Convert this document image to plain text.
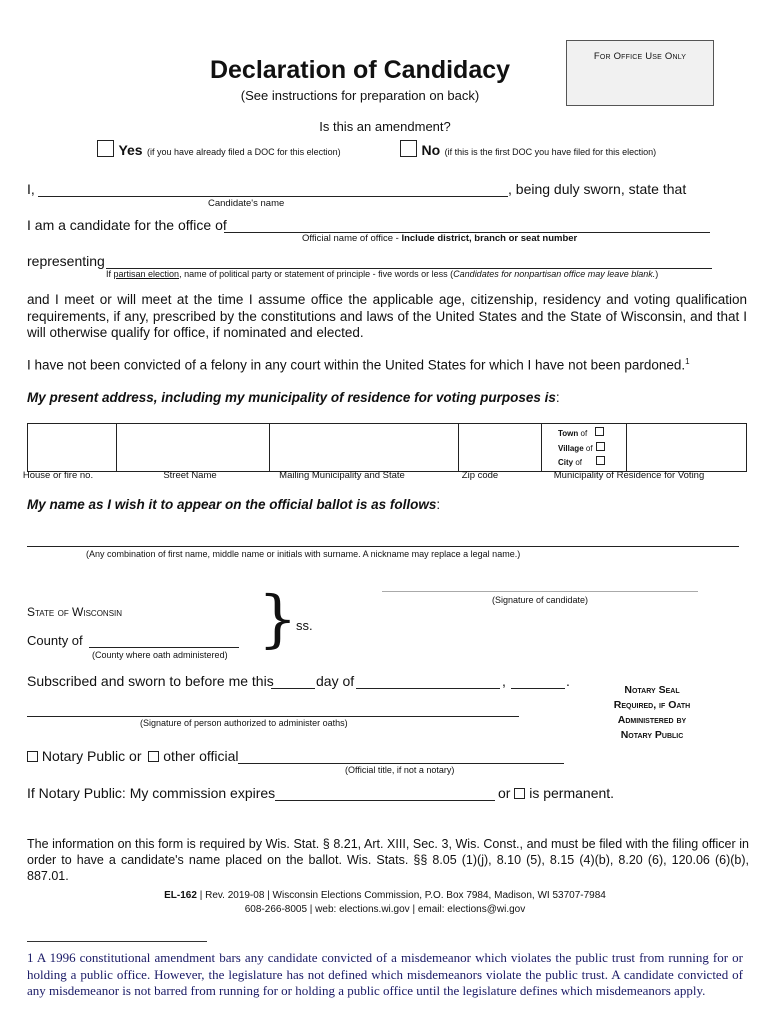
For Office Use Only
Declaration of Candidacy
(See instructions for preparation on back)
Is this an amendment?
Yes (if you have already filed a DOC for this election)	No (if this is the first DOC you have filed for this election)
I,	, being duly sworn, state that
Candidate's name
I am a candidate for the office of
Official name of office - Include district, branch or seat number
representing
If partisan election, name of political party or statement of principle - five words or less (Candidates for nonpartisan office may leave blank.)
and I meet or will meet at the time I assume office the applicable age, citizenship, residency and voting qualification requirements, if any, prescribed by the constitutions and laws of the United States and the State of Wisconsin, and that I will otherwise qualify for office, if nominated and elected.
I have not been convicted of a felony in any court within the United States for which I have not been pardoned.$^1$
My present address, including my municipality of residence for voting purposes is:

Town of
Village of
City of

House or fire no.	Street Name	Mailing Municipality and State	Zip code	Municipality of Residence for Voting
My name as I wish it to appear on the official ballot is as follows:
(Any combination of first name, middle name or initials with surname. A nickname may replace a legal name.)
(Signature of candidate)
State of Wisconsin }
ss.
County of
(County where oath administered)
Subscribed and sworn to before me this	day of	,	.
Notary Seal
Required, if Oath
Administered by
Notary Public
(Signature of person authorized to administer oaths)
Notary Public or other official
(Official title, if not a notary)
If Notary Public: My commission expires	or is permanent.
The information on this form is required by Wis. Stat. § 8.21, Art. XIII, Sec. 3, Wis. Const., and must be filed with the filing officer in order to have a candidate's name placed on the ballot. Wis. Stats. §§ 8.05 (1)(j), 8.10 (5), 8.15 (4)(b), 8.20 (6), 120.06 (6)(b), 887.01.
EL-162 | Rev. 2019-08 | Wisconsin Elections Commission, P.O. Box 7984, Madison, WI 53707-7984
608-266-8005 | web: elections.wi.gov | email: elections@wi.gov
1 A 1996 constitutional amendment bars any candidate convicted of a misdemeanor which violates the public trust from running for or holding a public office. However, the legislature has not defined which misdemeanors violate the public trust. A candidate convicted of any misdemeanor is not barred from running for or holding a public office until the legislature defines which misdemeanors apply.
